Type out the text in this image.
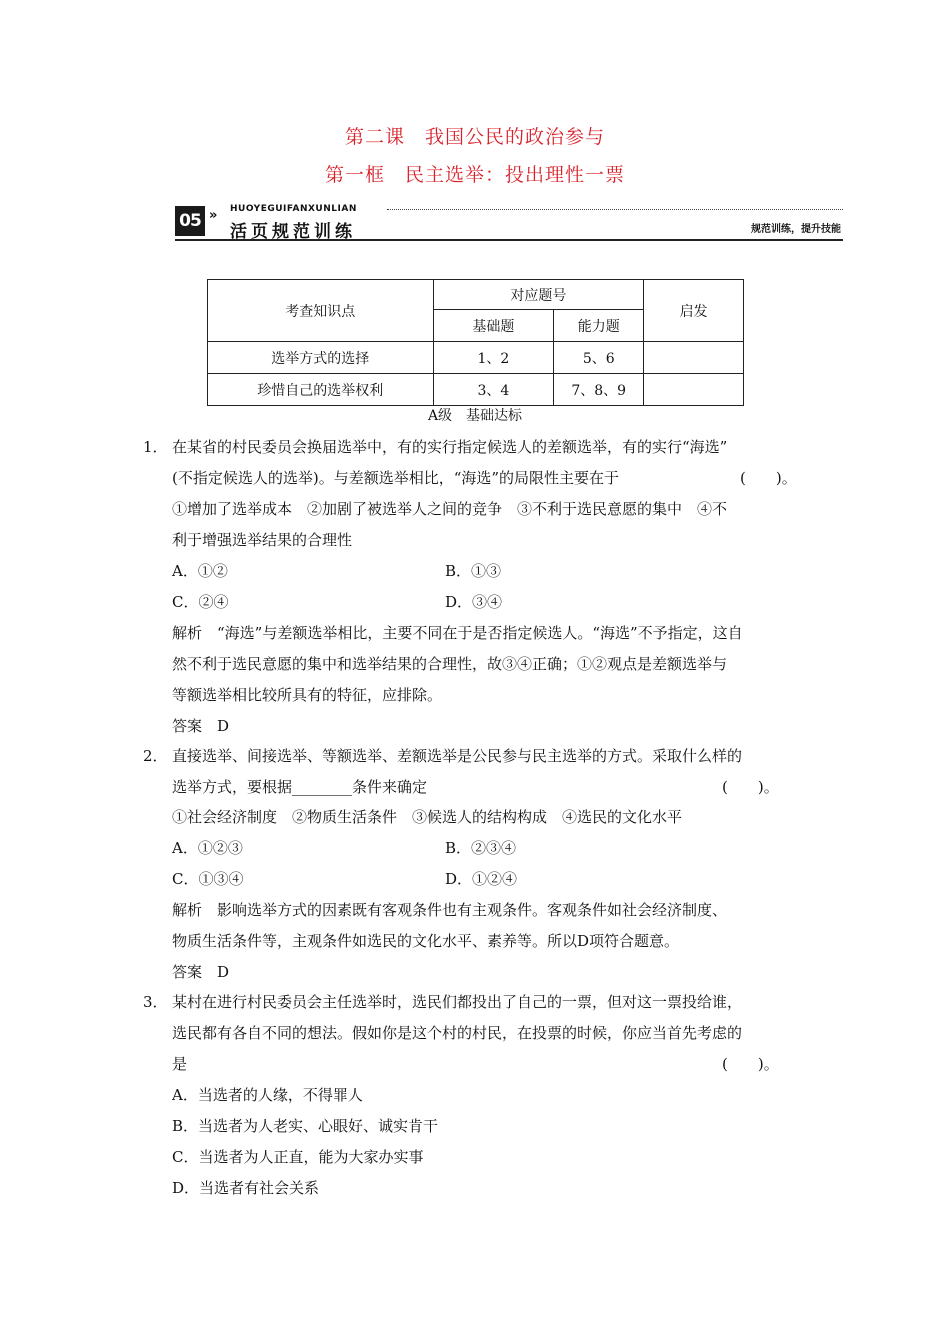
第二课　我国公民的政治参与
第一框　民主选举：投出理性一票
05 » HUOYEGUIFANXUNLIAN
活页规范训练	规范训练，提升技能
考查知识点	对应题号		启发
	基础题	能力题	
选举方式的选择	1、2	5、6	
珍惜自己的选举权利	3、4	7、8、9	
A级　基础达标
1． 在某省的村民委员会换届选举中，有的实行指定候选人的差额选举，有的实行“海选”
(不指定候选人的选举)。与差额选举相比，“海选”的局限性主要在于	(　　)。
①增加了选举成本　②加剧了被选举人之间的竞争　③不利于选民意愿的集中　④不
利于增强选举结果的合理性
A．①②	B．①③
C．②④	D．③④
解析　“海选”与差额选举相比，主要不同在于是否指定候选人。“海选”不予指定，这自
然不利于选民意愿的集中和选举结果的合理性，故③④正确；①②观点是差额选举与
等额选举相比较所具有的特征，应排除。
答案　D
2． 直接选举、间接选举、等额选举、差额选举是公民参与民主选举的方式。采取什么样的
选举方式，要根据________条件来确定	(　　)。
①社会经济制度　②物质生活条件　③候选人的结构构成　④选民的文化水平
A．①②③	B．②③④
C．①③④	D．①②④
解析　影响选举方式的因素既有客观条件也有主观条件。客观条件如社会经济制度、
物质生活条件等，主观条件如选民的文化水平、素养等。所以D项符合题意。
答案　D
3． 某村在进行村民委员会主任选举时，选民们都投出了自己的一票，但对这一票投给谁，
选民都有各自不同的想法。假如你是这个村的村民，在投票的时候，你应当首先考虑的
是	(　　)。
A．当选者的人缘，不得罪人
B．当选者为人老实、心眼好、诚实肯干
C．当选者为人正直，能为大家办实事
D．当选者有社会关系
